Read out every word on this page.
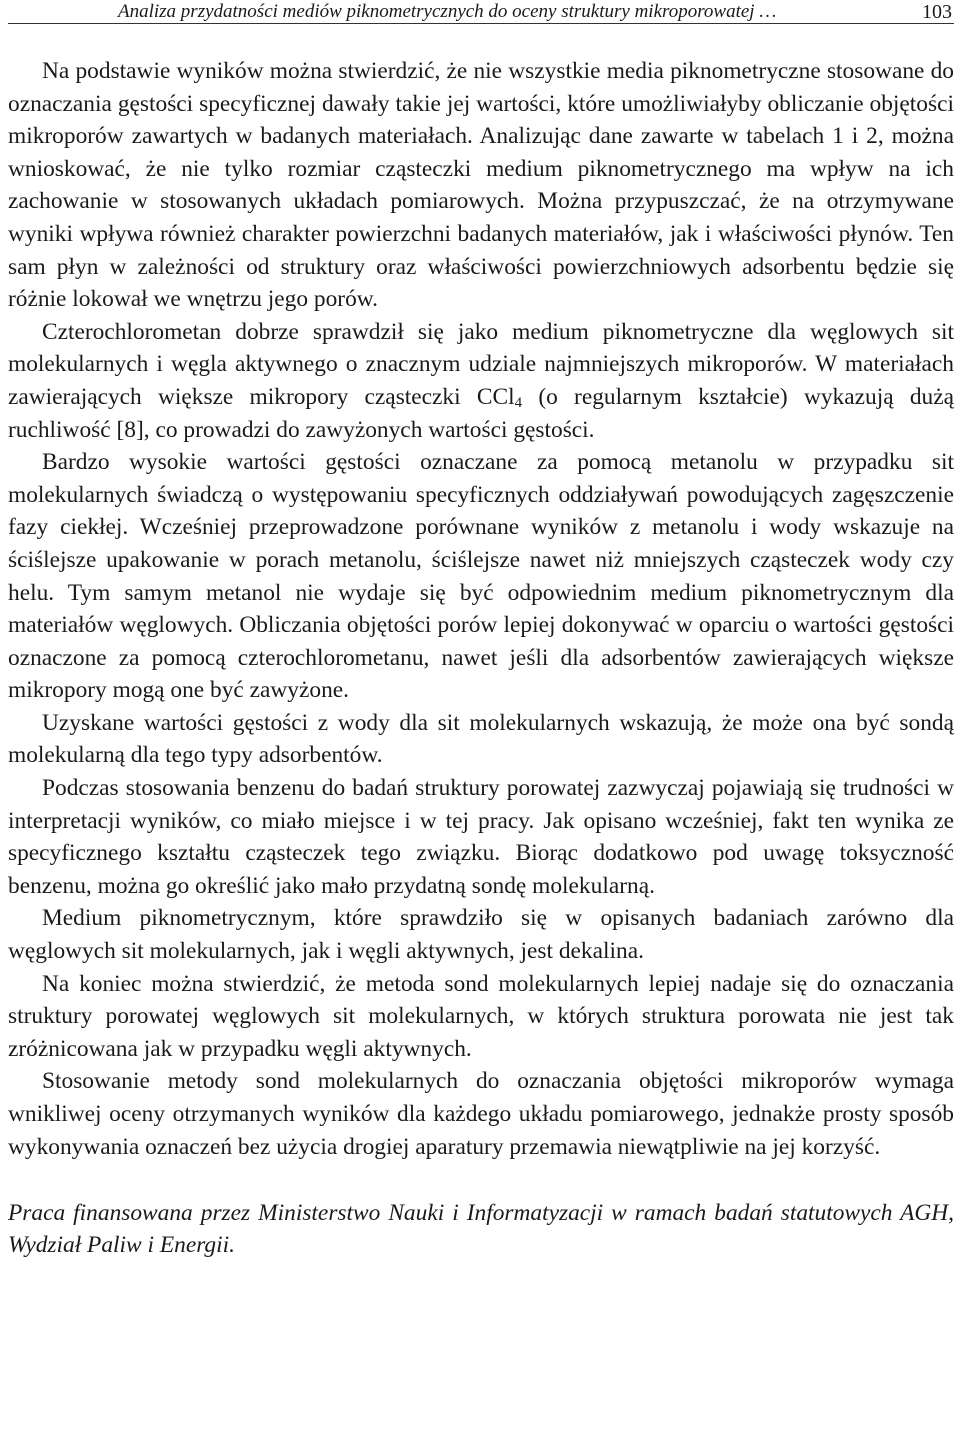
Analiza przydatności mediów piknometrycznych do oceny struktury mikroporowatej …	103

Na podstawie wyników można stwierdzić, że nie wszystkie media piknometryczne stosowane do oznaczania gęstości specyficznej dawały takie jej wartości, które umożliwiałyby obliczanie objętości mikroporów zawartych w badanych materiałach. Analizując dane zawarte w tabelach 1 i 2, można wnioskować, że nie tylko rozmiar cząsteczki medium piknometrycznego ma wpływ na ich zachowanie w stosowanych układach pomiarowych. Można przypuszczać, że na otrzymywane wyniki wpływa również charakter powierzchni badanych materiałów, jak i właściwości płynów. Ten sam płyn w zależności od struktury oraz właściwości powierzchniowych adsorbentu będzie się różnie lokował we wnętrzu jego porów.

Czterochlorometan dobrze sprawdził się jako medium piknometryczne dla węglowych sit molekularnych i węgla aktywnego o znacznym udziale najmniejszych mikroporów. W materiałach zawierających większe mikropory cząsteczki CCl$_4$ (o regularnym kształcie) wykazują dużą ruchliwość [8], co prowadzi do zawyżonych wartości gęstości.

Bardzo wysokie wartości gęstości oznaczane za pomocą metanolu w przypadku sit molekularnych świadczą o występowaniu specyficznych oddziaływań powodujących zagęszczenie fazy ciekłej. Wcześniej przeprowadzone porównane wyników z metanolu i wody wskazuje na ściślejsze upakowanie w porach metanolu, ściślejsze nawet niż mniejszych cząsteczek wody czy helu. Tym samym metanol nie wydaje się być odpowiednim medium piknometrycznym dla materiałów węglowych. Obliczania objętości porów lepiej dokonywać w oparciu o wartości gęstości oznaczone za pomocą czterochlorometanu, nawet jeśli dla adsorbentów zawierających większe mikropory mogą one być zawyżone.

Uzyskane wartości gęstości z wody dla sit molekularnych wskazują, że może ona być sondą molekularną dla tego typy adsorbentów.

Podczas stosowania benzenu do badań struktury porowatej zazwyczaj pojawiają się trudności w interpretacji wyników, co miało miejsce i w tej pracy. Jak opisano wcześniej, fakt ten wynika ze specyficznego kształtu cząsteczek tego związku. Biorąc dodatkowo pod uwagę toksyczność benzenu, można go określić jako mało przydatną sondę molekularną.

Medium piknometrycznym, które sprawdziło się w opisanych badaniach zarówno dla węglowych sit molekularnych, jak i węgli aktywnych, jest dekalina.

Na koniec można stwierdzić, że metoda sond molekularnych lepiej nadaje się do oznaczania struktury porowatej węglowych sit molekularnych, w których struktura porowata nie jest tak zróżnicowana jak w przypadku węgli aktywnych.

Stosowanie metody sond molekularnych do oznaczania objętości mikroporów wymaga wnikliwej oceny otrzymanych wyników dla każdego układu pomiarowego, jednakże prosty sposób wykonywania oznaczeń bez użycia drogiej aparatury przemawia niewątpliwie na jej korzyść.

Praca finansowana przez Ministerstwo Nauki i Informatyzacji w ramach badań statutowych AGH, Wydział Paliw i Energii.
